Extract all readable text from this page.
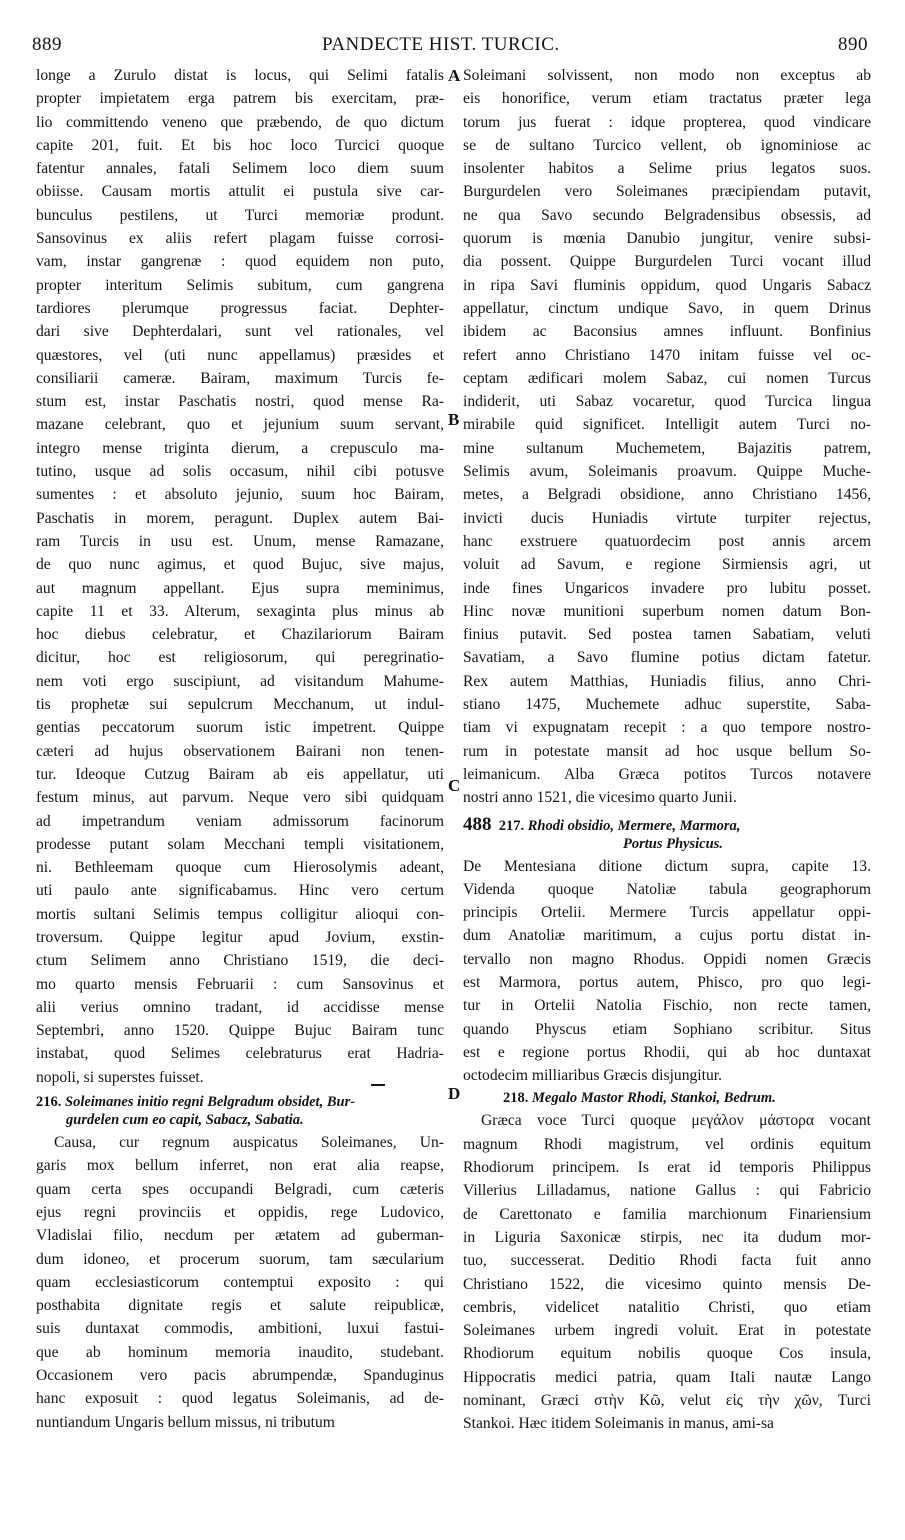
889	PANDECTE HIST. TURCIC.	890
A
B
C
D
longe a Zurulo distat is locus, qui Selimi fatalis
propter impietatem erga patrem bis exercitam, præ-
lio committendo veneno que præbendo, de quo dictum
capite 201, fuit. Et bis hoc loco Turcici quoque
fatentur annales, fatali Selimem loco diem suum
obiisse. Causam mortis attulit ei pustula sive car-
bunculus pestilens, ut Turci memoriæ produnt.
Sansovinus ex aliis refert plagam fuisse corrosi-
vam, instar gangrenæ : quod equidem non puto,
propter interitum Selimis subitum, cum gangrena
tardiores plerumque progressus faciat. Dephter-
dari sive Dephterdalari, sunt vel rationales, vel
quæstores, vel (uti nunc appellamus) præsides et
consiliarii cameræ. Bairam, maximum Turcis fe-
stum est, instar Paschatis nostri, quod mense Ra-
mazane celebrant, quo et jejunium suum servant,
integro mense triginta dierum, a crepusculo ma-
tutino, usque ad solis occasum, nihil cibi potusve
sumentes : et absoluto jejunio, suum hoc Bairam,
Paschatis in morem, peragunt. Duplex autem Bai-
ram Turcis in usu est. Unum, mense Ramazane,
de quo nunc agimus, et quod Bujuc, sive majus,
aut magnum appellant. Ejus supra meminimus,
capite 11 et 33. Alterum, sexaginta plus minus ab
hoc diebus celebratur, et Chazilariorum Bairam
dicitur, hoc est religiosorum, qui peregrinatio-
nem voti ergo suscipiunt, ad visitandum Mahume-
tis prophetæ sui sepulcrum Mecchanum, ut indul-
gentias peccatorum suorum istic impetrent. Quippe
cæteri ad hujus observationem Bairani non tenen-
tur. Ideoque Cutzug Bairam ab eis appellatur, uti
festum minus, aut parvum. Neque vero sibi quidquam
ad impetrandum veniam admissorum facinorum
prodesse putant solam Mecchani templi visitationem,
ni. Bethleemam quoque cum Hierosolymis adeant,
uti paulo ante significabamus. Hinc vero certum
mortis sultani Selimis tempus colligitur alioqui con-
troversum. Quippe legitur apud Jovium, exstin-
ctum Selimem anno Christiano 1519, die deci-
mo quarto mensis Februarii : cum Sansovinus et
alii verius omnino tradant, id accidisse mense
Septembri, anno 1520. Quippe Bujuc Bairam tunc
instabat, quod Selimes celebraturus erat Hadria-
nopoli, si superstes fuisset.
216. Soleimanes initio regni Belgradum obsidet, Bur-
gurdelen cum eo capit, Sabacz, Sabatia.
Causa, cur regnum auspicatus Soleimanes, Un-
garis mox bellum inferret, non erat alia reapse,
quam certa spes occupandi Belgradi, cum cæteris
ejus regni provinciis et oppidis, rege Ludovico,
Vladislai filio, necdum per ætatem ad guberman-
dum idoneo, et procerum suorum, tam sæcularium
quam ecclesiasticorum contemptui exposito : qui
posthabita dignitate regis et salute reipublicæ,
suis duntaxat commodis, ambitioni, luxui fastui-
que ab hominum memoria inaudito, studebant.
Occasionem vero pacis abrumpendæ, Spanduginus
hanc exposuit : quod legatus Soleimanis, ad de-
nuntiandum Ungaris bellum missus, ni tributum
Soleimani solvissent, non modo non exceptus ab
eis honorifice, verum etiam tractatus præter lega
torum jus fuerat : idque propterea, quod vindicare
se de sultano Turcico vellent, ob ignominiose ac
insolenter habitos a Selime prius legatos suos.
Burgurdelen vero Soleimanes præcipiendam putavit,
ne qua Savo secundo Belgradensibus obsessis, ad
quorum is mœnia Danubio jungitur, venire subsi-
dia possent. Quippe Burgurdelen Turci vocant illud
in ripa Savi fluminis oppidum, quod Ungaris Sabacz
appellatur, cinctum undique Savo, in quem Drinus
ibidem ac Baconsius amnes influunt. Bonfinius
refert anno Christiano 1470 initam fuisse vel oc-
ceptam ædificari molem Sabaz, cui nomen Turcus
indiderit, uti Sabaz vocaretur, quod Turcica lingua
mirabile quid significet. Intelligit autem Turci no-
mine sultanum Muchemetem, Bajazitis patrem,
Selimis avum, Soleimanis proavum. Quippe Muche-
metes, a Belgradi obsidione, anno Christiano 1456,
invicti ducis Huniadis virtute turpiter rejectus,
hanc exstruere quatuordecim post annis arcem
voluit ad Savum, e regione Sirmiensis agri, ut
inde fines Ungaricos invadere pro lubitu posset.
Hinc novæ munitioni superbum nomen datum Bon-
finius putavit. Sed postea tamen Sabatiam, veluti
Savatiam, a Savo flumine potius dictam fatetur.
Rex autem Matthias, Huniadis filius, anno Chri-
stiano 1475, Muchemete adhuc superstite, Saba-
tiam vi expugnatam recepit : a quo tempore nostro-
rum in potestate mansit ad hoc usque bellum So-
leimanicum. Alba Græca potitos Turcos notavere
nostri anno 1521, die vicesimo quarto Junii.
488 217. Rhodi obsidio, Mermere, Marmora,
Portus Physicus.
De Mentesiana ditione dictum supra, capite 13.
Videnda quoque Natoliæ tabula geographorum
principis Ortelii. Mermere Turcis appellatur oppi-
dum Anatoliæ maritimum, a cujus portu distat in-
tervallo non magno Rhodus. Oppidi nomen Græcis
est Marmora, portus autem, Phisco, pro quo legi-
tur in Ortelii Natolia Fischio, non recte tamen,
quando Physcus etiam Sophiano scribitur. Situs
est e regione portus Rhodii, qui ab hoc duntaxat
octodecim milliaribus Græcis disjungitur.
218. Megalo Mastor Rhodi, Stankoi, Bedrum.
Græca voce Turci quoque μεγάλον μάστορα vocant
magnum Rhodi magistrum, vel ordinis equitum
Rhodiorum principem. Is erat id temporis Philippus
Villerius Lilladamus, natione Gallus : qui Fabricio
de Carettonato e familia marchionum Finariensium
in Liguria Saxonicæ stirpis, nec ita dudum mor-
tuo, successerat. Deditio Rhodi facta fuit anno
Christiano 1522, die vicesimo quinto mensis De-
cembris, videlicet natalitio Christi, quo etiam
Soleimanes urbem ingredi voluit. Erat in potestate
Rhodiorum equitum nobilis quoque Cos insula,
Hippocratis medici patria, quam Itali nautæ Lango
nominant, Græci στὴν Κῶ, velut εἰς τὴν χῶν, Turci
Stankoi. Hæc itidem Soleimanis in manus, ami-sa
